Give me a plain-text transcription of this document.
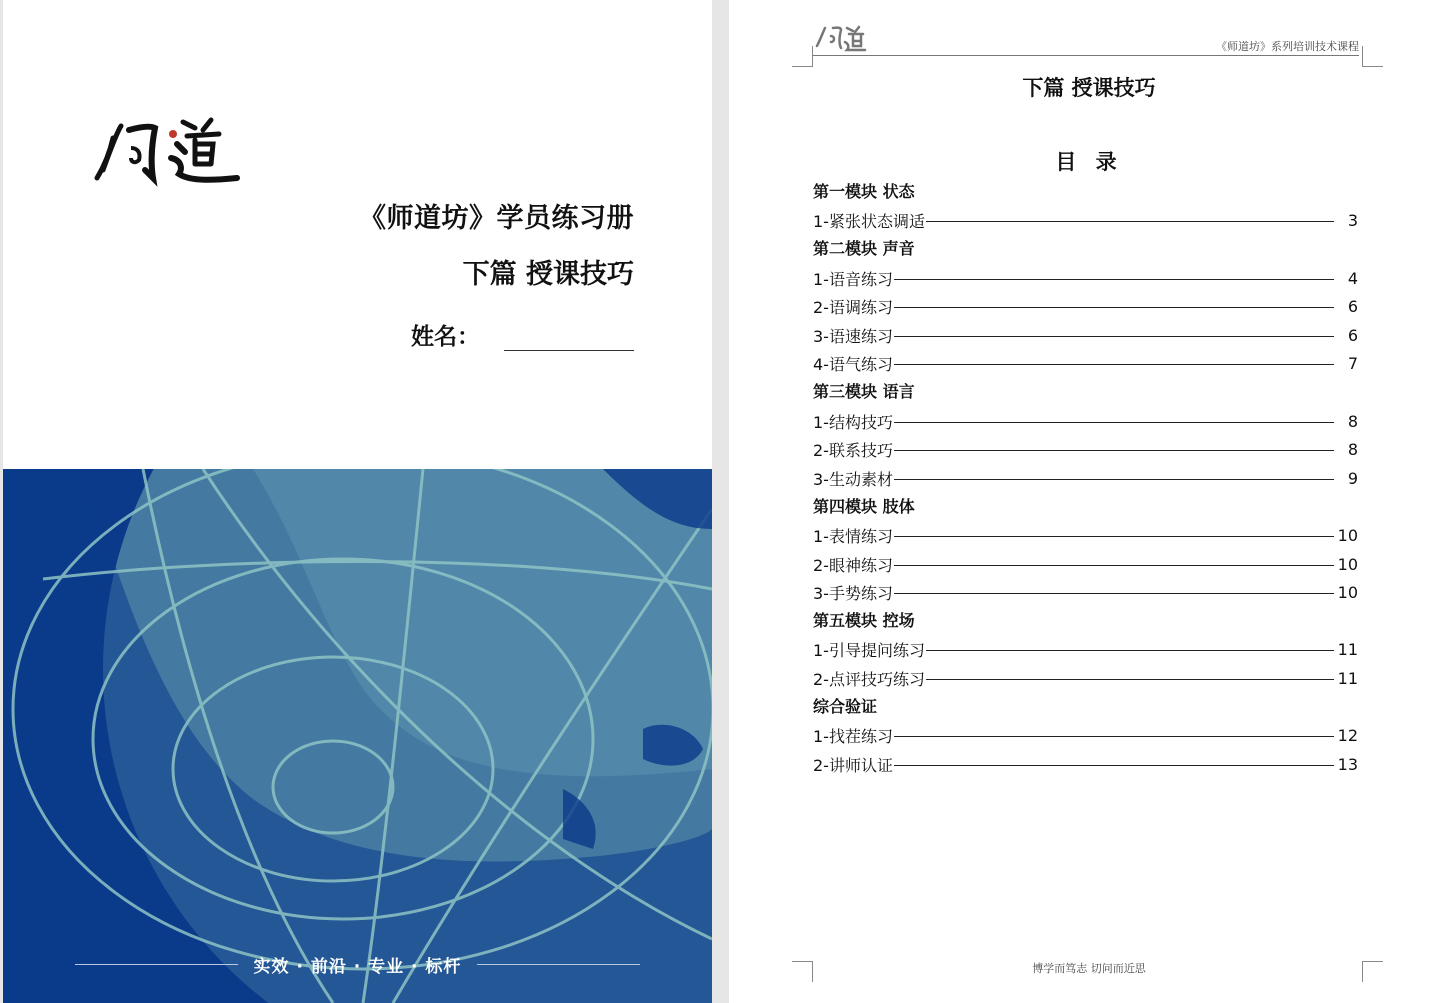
《师道坊》学员练习册
下篇 授课技巧
姓名：
实效 · 前沿 · 专业 · 标杆
《师道坊》系列培训技术课程
下篇 授课技巧
目 录
第一模块 状态
1-紧张状态调适	3
第二模块 声音
1-语音练习	4
2-语调练习	6
3-语速练习	6
4-语气练习	7
第三模块 语言
1-结构技巧	8
2-联系技巧	8
3-生动素材	9
第四模块 肢体
1-表情练习	10
2-眼神练习	10
3-手势练习	10
第五模块 控场
1-引导提问练习	11
2-点评技巧练习	11
综合验证
1-找茬练习	12
2-讲师认证	13
博学而笃志 切问而近思
